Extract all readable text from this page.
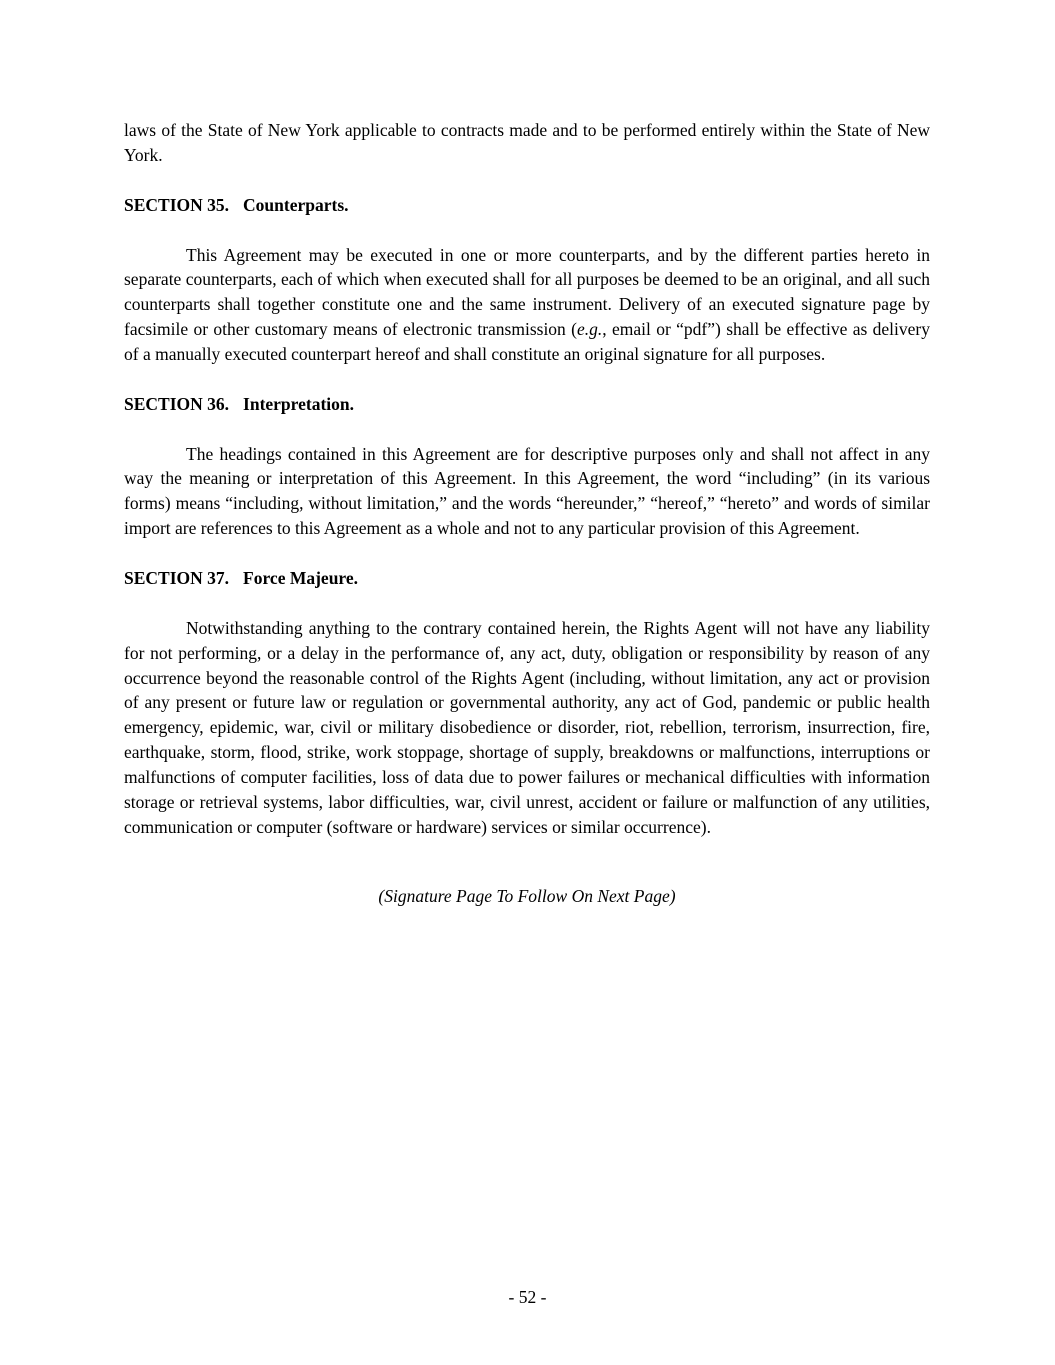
laws of the State of New York applicable to contracts made and to be performed entirely within the State of New York.

SECTION 35. Counterparts.

This Agreement may be executed in one or more counterparts, and by the different parties hereto in separate counterparts, each of which when executed shall for all purposes be deemed to be an original, and all such counterparts shall together constitute one and the same instrument. Delivery of an executed signature page by facsimile or other customary means of electronic transmission (e.g., email or “pdf”) shall be effective as delivery of a manually executed counterpart hereof and shall constitute an original signature for all purposes.

SECTION 36. Interpretation.

The headings contained in this Agreement are for descriptive purposes only and shall not affect in any way the meaning or interpretation of this Agreement. In this Agreement, the word “including” (in its various forms) means “including, without limitation,” and the words “hereunder,” “hereof,” “hereto” and words of similar import are references to this Agreement as a whole and not to any particular provision of this Agreement.

SECTION 37. Force Majeure.

Notwithstanding anything to the contrary contained herein, the Rights Agent will not have any liability for not performing, or a delay in the performance of, any act, duty, obligation or responsibility by reason of any occurrence beyond the reasonable control of the Rights Agent (including, without limitation, any act or provision of any present or future law or regulation or governmental authority, any act of God, pandemic or public health emergency, epidemic, war, civil or military disobedience or disorder, riot, rebellion, terrorism, insurrection, fire, earthquake, storm, flood, strike, work stoppage, shortage of supply, breakdowns or malfunctions, interruptions or malfunctions of computer facilities, loss of data due to power failures or mechanical difficulties with information storage or retrieval systems, labor difficulties, war, civil unrest, accident or failure or malfunction of any utilities, communication or computer (software or hardware) services or similar occurrence).

(Signature Page To Follow On Next Page)

- 52 -
